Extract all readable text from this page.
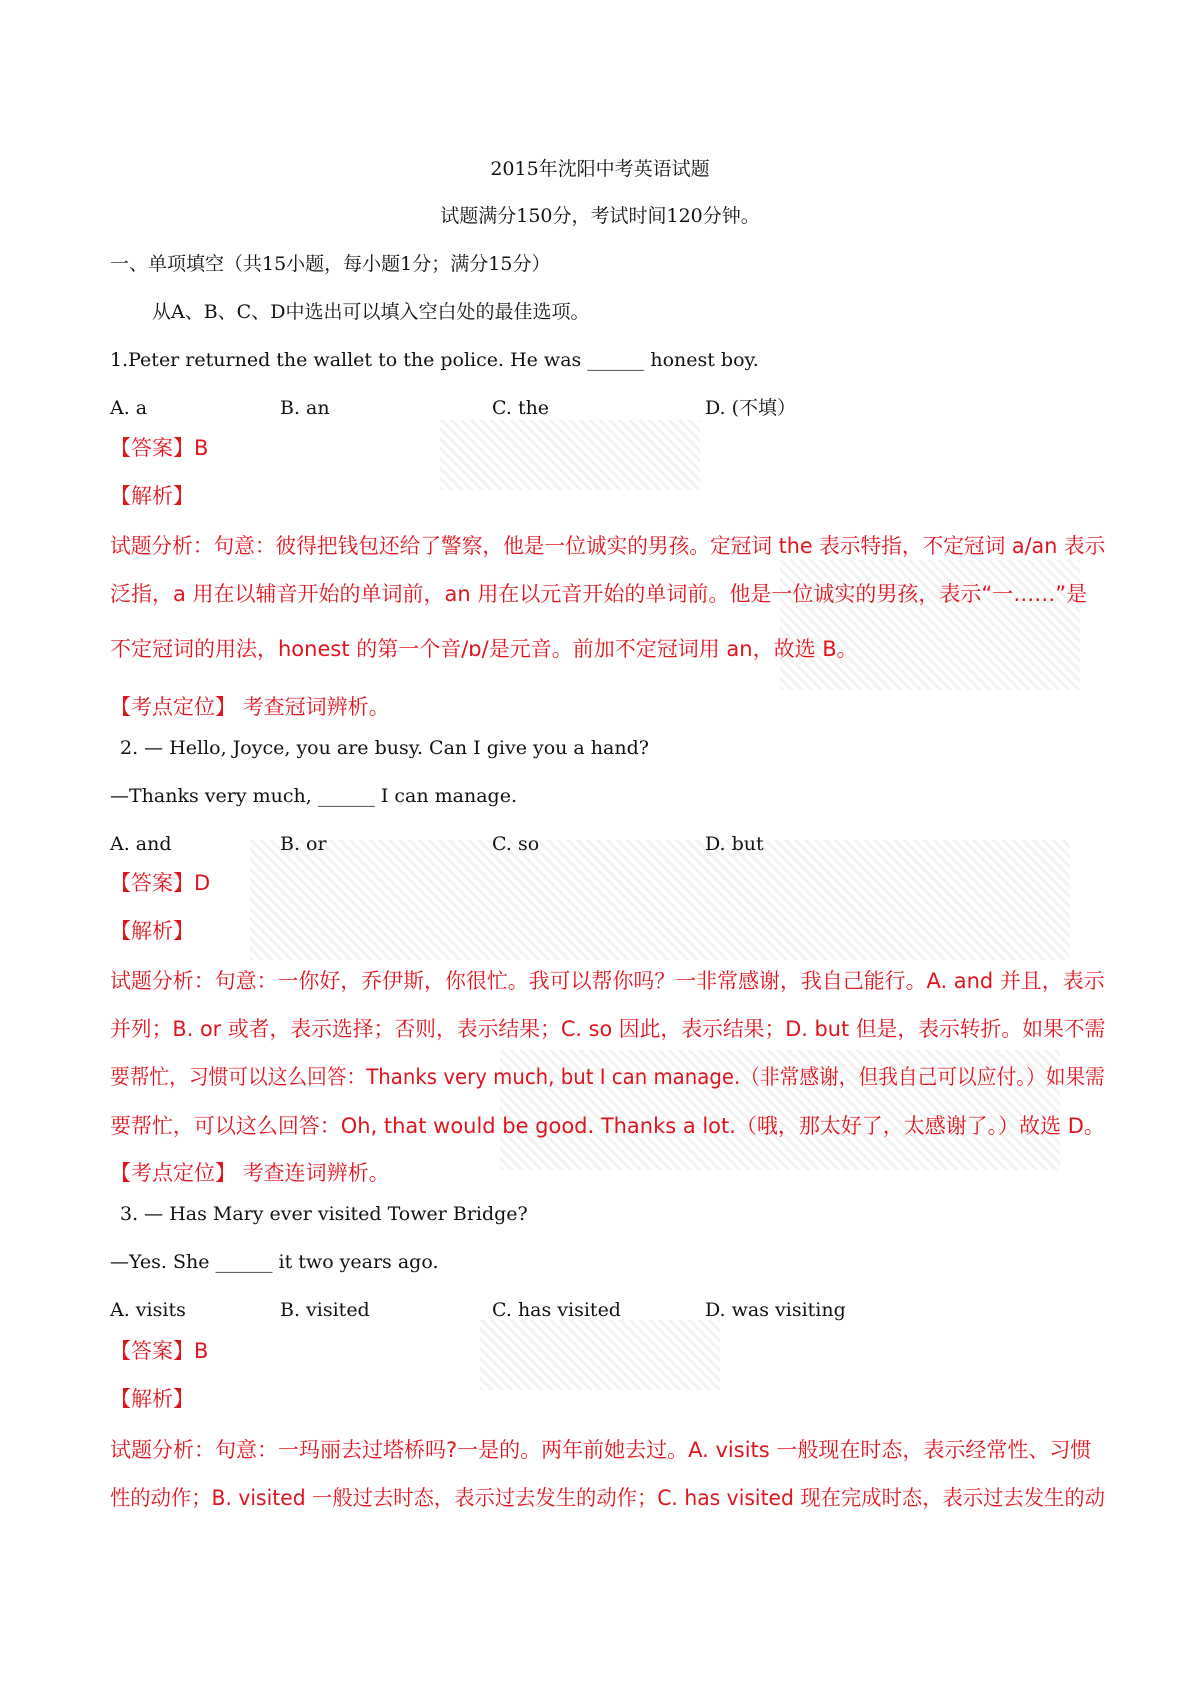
2015年沈阳中考英语试题
试题满分150分，考试时间120分钟。
一、单项填空（共15小题，每小题1分；满分15分）
从A、B、C、D中选出可以填入空白处的最佳选项。
1.Peter returned the wallet to the police. He was ______ honest boy.
A. a	B. an	C. the	D. (不填）
【答案】B
【解析】
试题分析：句意：彼得把钱包还给了警察，他是一位诚实的男孩。定冠词 the 表示特指，不定冠词 a/an 表示
泛指，a 用在以辅音开始的单词前，an 用在以元音开始的单词前。他是一位诚实的男孩，表示“一……”是
不定冠词的用法，honest 的第一个音/ɒ/是元音。前加不定冠词用 an，故选 B。
【考点定位】 考查冠词辨析。
2. — Hello, Joyce, you are busy. Can I give you a hand?
—Thanks very much, ______ I can manage.
A. and	B. or	C. so	D. but
【答案】D
【解析】
试题分析：句意：一你好，乔伊斯，你很忙。我可以帮你吗？一非常感谢，我自己能行。A. and 并且，表示
并列；B. or 或者，表示选择；否则，表示结果；C. so 因此，表示结果；D. but 但是，表示转折。如果不需
要帮忙，习惯可以这么回答：Thanks very much, but I can manage.（非常感谢，但我自己可以应付。）如果需
要帮忙，可以这么回答：Oh, that would be good. Thanks a lot.（哦，那太好了，太感谢了。）故选 D。
【考点定位】 考查连词辨析。
3. — Has Mary ever visited Tower Bridge?
—Yes. She ______ it two years ago.
A. visits	B. visited	C. has visited	D. was visiting
【答案】B
【解析】
试题分析：句意：一玛丽去过塔桥吗?一是的。两年前她去过。A. visits 一般现在时态，表示经常性、习惯
性的动作；B. visited 一般过去时态，表示过去发生的动作；C. has visited 现在完成时态，表示过去发生的动
